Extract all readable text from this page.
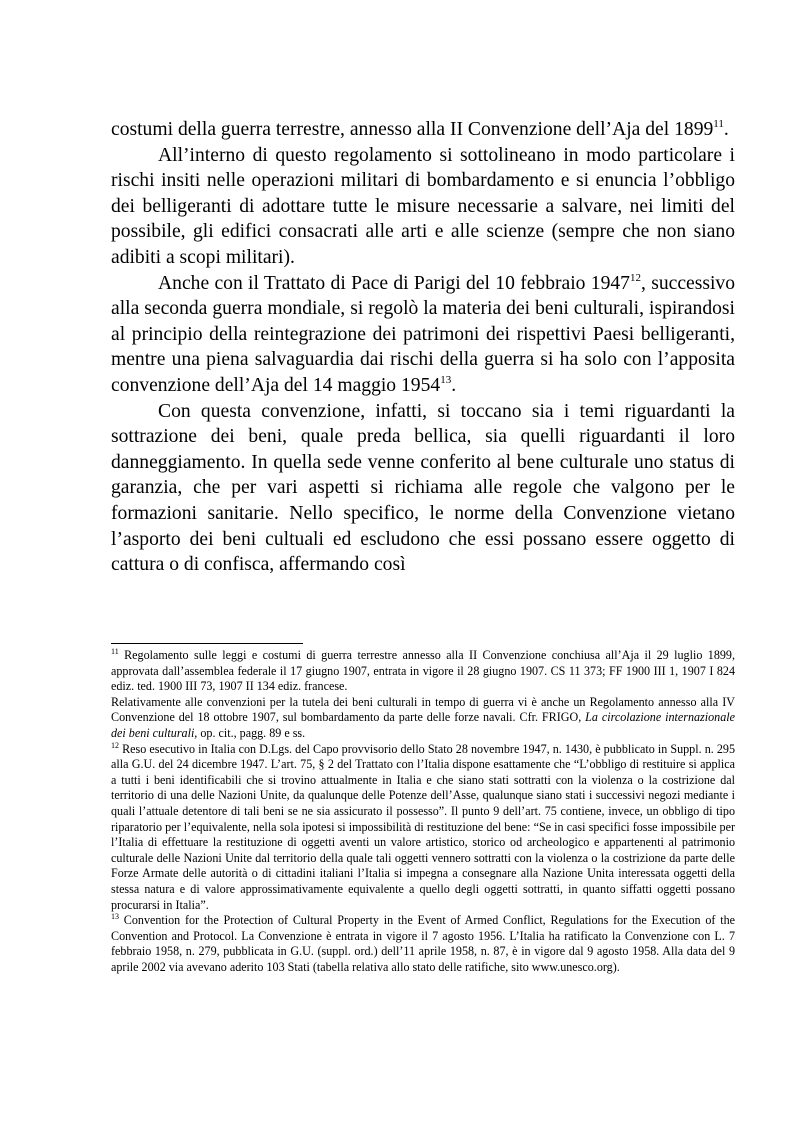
costumi della guerra terrestre, annesso alla II Convenzione dell’Aja del 1899$^{11}$.

All’interno di questo regolamento si sottolineano in modo particolare i rischi insiti nelle operazioni militari di bombardamento e si enuncia l’obbligo dei belligeranti di adottare tutte le misure necessarie a salvare, nei limiti del possibile, gli edifici consacrati alle arti e alle scienze (sempre che non siano adibiti a scopi militari).

Anche con il Trattato di Pace di Parigi del 10 febbraio 1947$^{12}$, successivo alla seconda guerra mondiale, si regolò la materia dei beni culturali, ispirandosi al principio della reintegrazione dei patrimoni dei rispettivi Paesi belligeranti, mentre una piena salvaguardia dai rischi della guerra si ha solo con l’apposita convenzione dell’Aja del 14 maggio 1954$^{13}$.

Con questa convenzione, infatti, si toccano sia i temi riguardanti la sottrazione dei beni, quale preda bellica, sia quelli riguardanti il loro danneggiamento. In quella sede venne conferito al bene culturale uno status di garanzia, che per vari aspetti si richiama alle regole che valgono per le formazioni sanitarie. Nello specifico, le norme della Convenzione vietano l’asporto dei beni cultuali ed escludono che essi possano essere oggetto di cattura o di confisca, affermando così

$^{11}$ Regolamento sulle leggi e costumi di guerra terrestre annesso alla II Convenzione conchiusa all’Aja il 29 luglio 1899, approvata dall’assemblea federale il 17 giugno 1907, entrata in vigore il 28 giugno 1907. CS 11 373; FF 1900 III 1, 1907 I 824 ediz. ted. 1900 III 73, 1907 II 134 ediz. francese.

Relativamente alle convenzioni per la tutela dei beni culturali in tempo di guerra vi è anche un Regolamento annesso alla IV Convenzione del 18 ottobre 1907, sul bombardamento da parte delle forze navali. Cfr. FRIGO, La circolazione internazionale dei beni culturali, op. cit., pagg. 89 e ss.

$^{12}$ Reso esecutivo in Italia con D.Lgs. del Capo provvisorio dello Stato 28 novembre 1947, n. 1430, è pubblicato in Suppl. n. 295 alla G.U. del 24 dicembre 1947. L’art. 75, § 2 del Trattato con l’Italia dispone esattamente che “L’obbligo di restituire si applica a tutti i beni identificabili che si trovino attualmente in Italia e che siano stati sottratti con la violenza o la costrizione dal territorio di una delle Nazioni Unite, da qualunque delle Potenze dell’Asse, qualunque siano stati i successivi negozi mediante i quali l’attuale detentore di tali beni se ne sia assicurato il possesso”. Il punto 9 dell’art. 75 contiene, invece, un obbligo di tipo riparatorio per l’equivalente, nella sola ipotesi si impossibilità di restituzione del bene: “Se in casi specifici fosse impossibile per l’Italia di effettuare la restituzione di oggetti aventi un valore artistico, storico od archeologico e appartenenti al patrimonio culturale delle Nazioni Unite dal territorio della quale tali oggetti vennero sottratti con la violenza o la costrizione da parte delle Forze Armate delle autorità o di cittadini italiani l’Italia si impegna a consegnare alla Nazione Unita interessata oggetti della stessa natura e di valore approssimativamente equivalente a quello degli oggetti sottratti, in quanto siffatti oggetti possano procurarsi in Italia”.

$^{13}$ Convention for the Protection of Cultural Property in the Event of Armed Conflict, Regulations for the Execution of the Convention and Protocol. La Convenzione è entrata in vigore il 7 agosto 1956. L’Italia ha ratificato la Convenzione con L. 7 febbraio 1958, n. 279, pubblicata in G.U. (suppl. ord.) dell’11 aprile 1958, n. 87, è in vigore dal 9 agosto 1958. Alla data del 9 aprile 2002 via avevano aderito 103 Stati (tabella relativa allo stato delle ratifiche, sito www.unesco.org).
